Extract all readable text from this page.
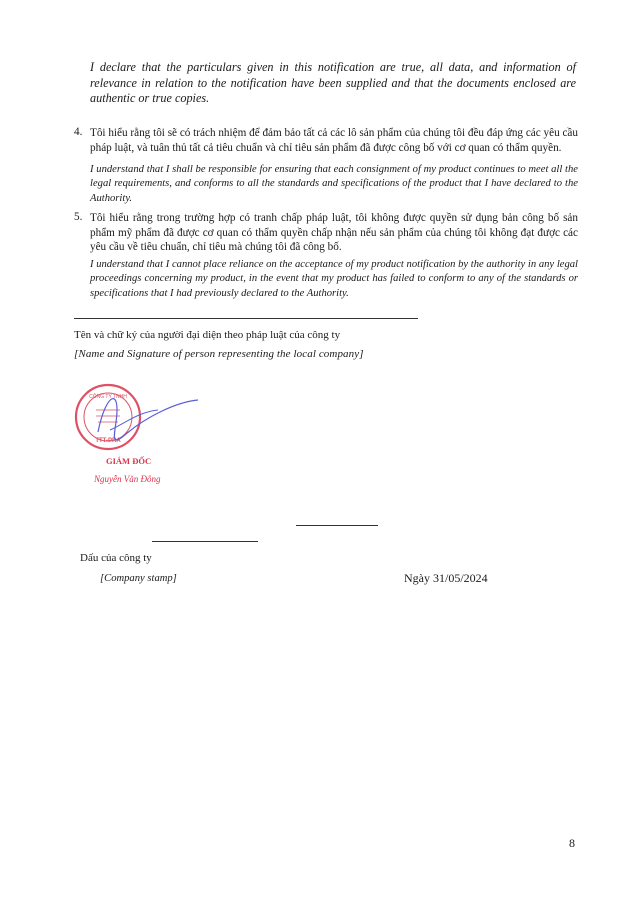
I declare that the particulars given in this notification are true, all data, and information of relevance in relation to the notification have been supplied and that the documents enclosed are authentic or true copies.
4. Tôi hiểu rằng tôi sẽ có trách nhiệm để đảm bảo tất cả các lô sản phẩm của chúng tôi đều đáp ứng các yêu cầu pháp luật, và tuân thủ tất cả tiêu chuẩn và chỉ tiêu sản phẩm đã được công bố với cơ quan có thẩm quyền.
I understand that I shall be responsible for ensuring that each consignment of my product continues to meet all the legal requirements, and conforms to all the standards and specifications of the product that I have declared to the Authority.
5. Tôi hiểu rằng trong trường hợp có tranh chấp pháp luật, tôi không được quyền sử dụng bản công bố sản phẩm mỹ phẩm đã được cơ quan có thẩm quyền chấp nhận nếu sản phẩm của chúng tôi không đạt được các yêu cầu về tiêu chuẩn, chỉ tiêu mà chúng tôi đã công bố.
I understand that I cannot place reliance on the acceptance of my product notification by the authority in any legal proceedings concerning my product, in the event that my product has failed to conform to any of the standards or specifications that I had previously declared to the Authority.
Tên và chữ ký của người đại diện theo pháp luật của công ty
[Name and Signature of person representing the local company]
CÔNG TY TNHH
TTT-PRA
GIÁM ĐỐC
Nguyễn Văn Đông
Dấu của công ty
[Company stamp]	Ngày 31/05/2024
8
